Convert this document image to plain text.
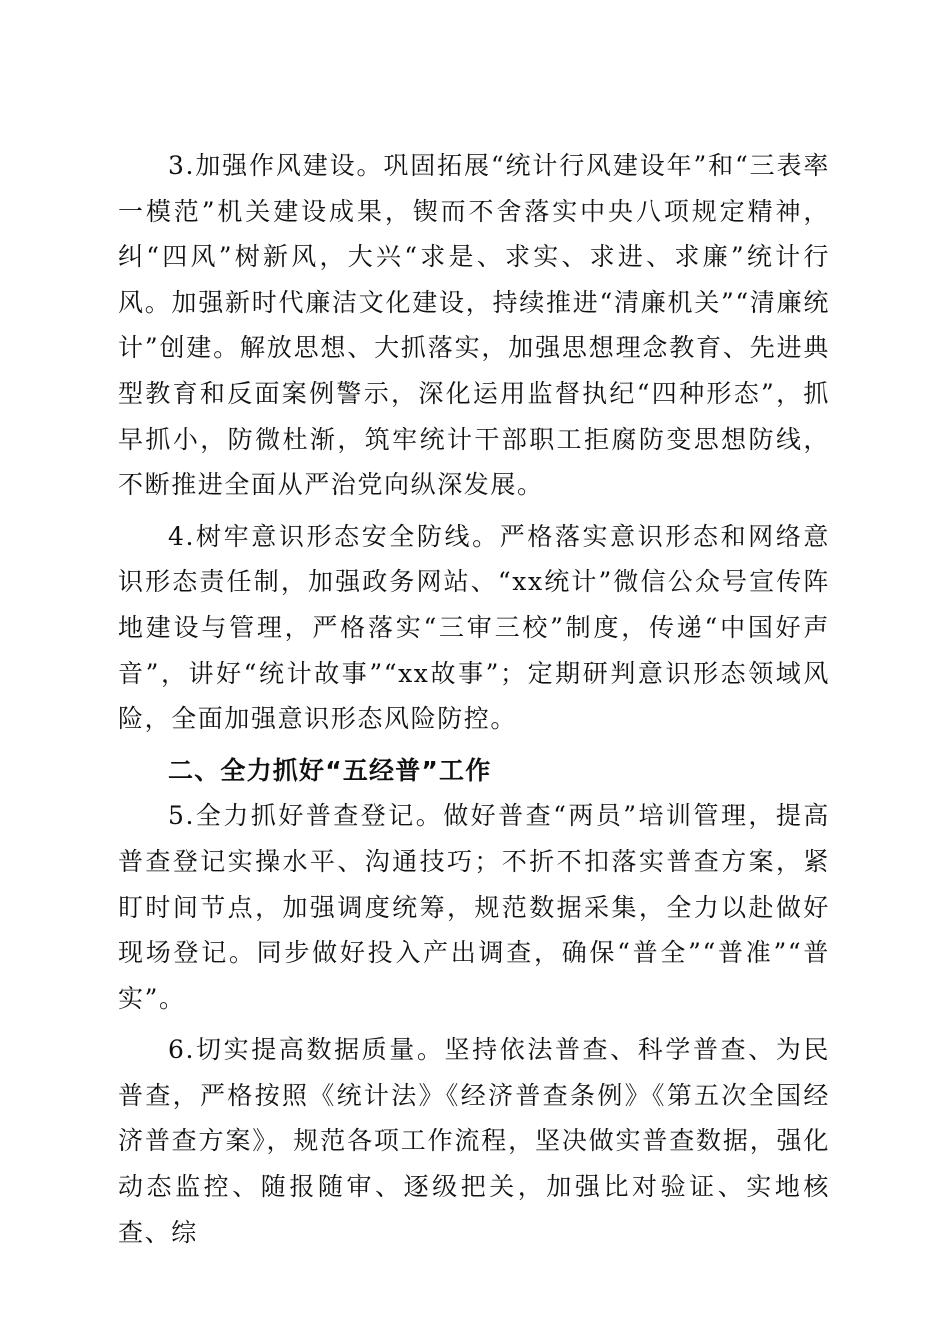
3.加强作风建设。巩固拓展“统计行风建设年”和“三表率一模范”机关建设成果，锲而不舍落实中央八项规定精神，纠“四风”树新风，大兴“求是、求实、求进、求廉”统计行风。加强新时代廉洁文化建设，持续推进“清廉机关”“清廉统计”创建。解放思想、大抓落实，加强思想理念教育、先进典型教育和反面案例警示，深化运用监督执纪“四种形态”，抓早抓小，防微杜渐，筑牢统计干部职工拒腐防变思想防线，不断推进全面从严治党向纵深发展。

4.树牢意识形态安全防线。严格落实意识形态和网络意识形态责任制，加强政务网站、“xx统计”微信公众号宣传阵地建设与管理，严格落实“三审三校”制度，传递“中国好声音”，讲好“统计故事”“xx故事”；定期研判意识形态领域风险，全面加强意识形态风险防控。

二、全力抓好“五经普”工作

5.全力抓好普查登记。做好普查“两员”培训管理，提高普查登记实操水平、沟通技巧；不折不扣落实普查方案，紧盯时间节点，加强调度统筹，规范数据采集，全力以赴做好现场登记。同步做好投入产出调查，确保“普全”“普准”“普实”。

6.切实提高数据质量。坚持依法普查、科学普查、为民普查，严格按照《统计法》《经济普查条例》《第五次全国经济普查方案》，规范各项工作流程，坚决做实普查数据，强化动态监控、随报随审、逐级把关，加强比对验证、实地核查、综
